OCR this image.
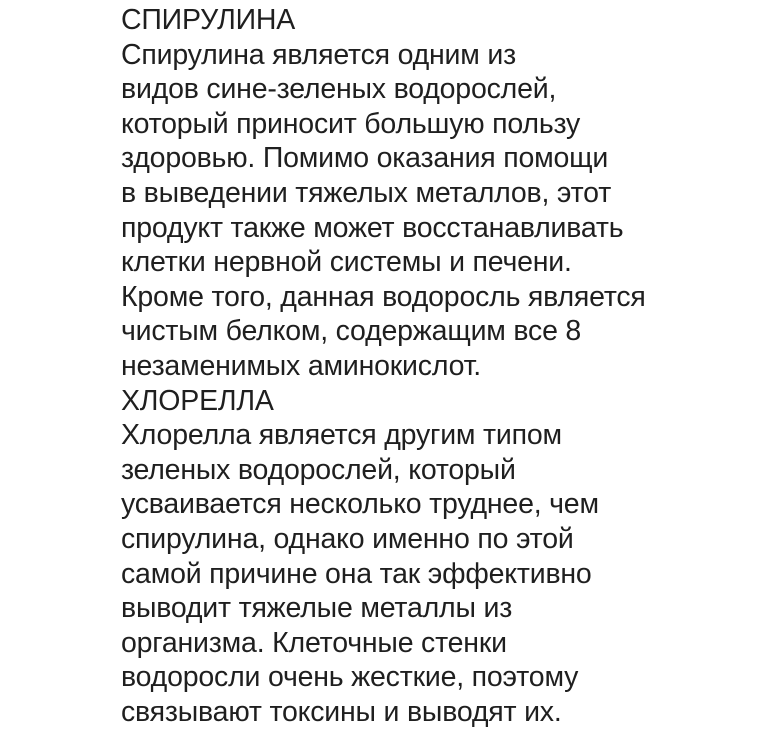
СПИРУЛИНА
Спирулина является одним из
видов сине-зеленых водорослей,
который приносит большую пользу
здоровью. Помимо оказания помощи
в выведении тяжелых металлов, этот
продукт также может восстанавливать
клетки нервной системы и печени.
Кроме того, данная водоросль является
чистым белком, содержащим все 8
незаменимых аминокислот.
ХЛОРЕЛЛА
Хлорелла является другим типом
зеленых водорослей, который
усваивается несколько труднее, чем
спирулина, однако именно по этой
самой причине она так эффективно
выводит тяжелые металлы из
организма. Клеточные стенки
водоросли очень жесткие, поэтому
связывают токсины и выводят их.
